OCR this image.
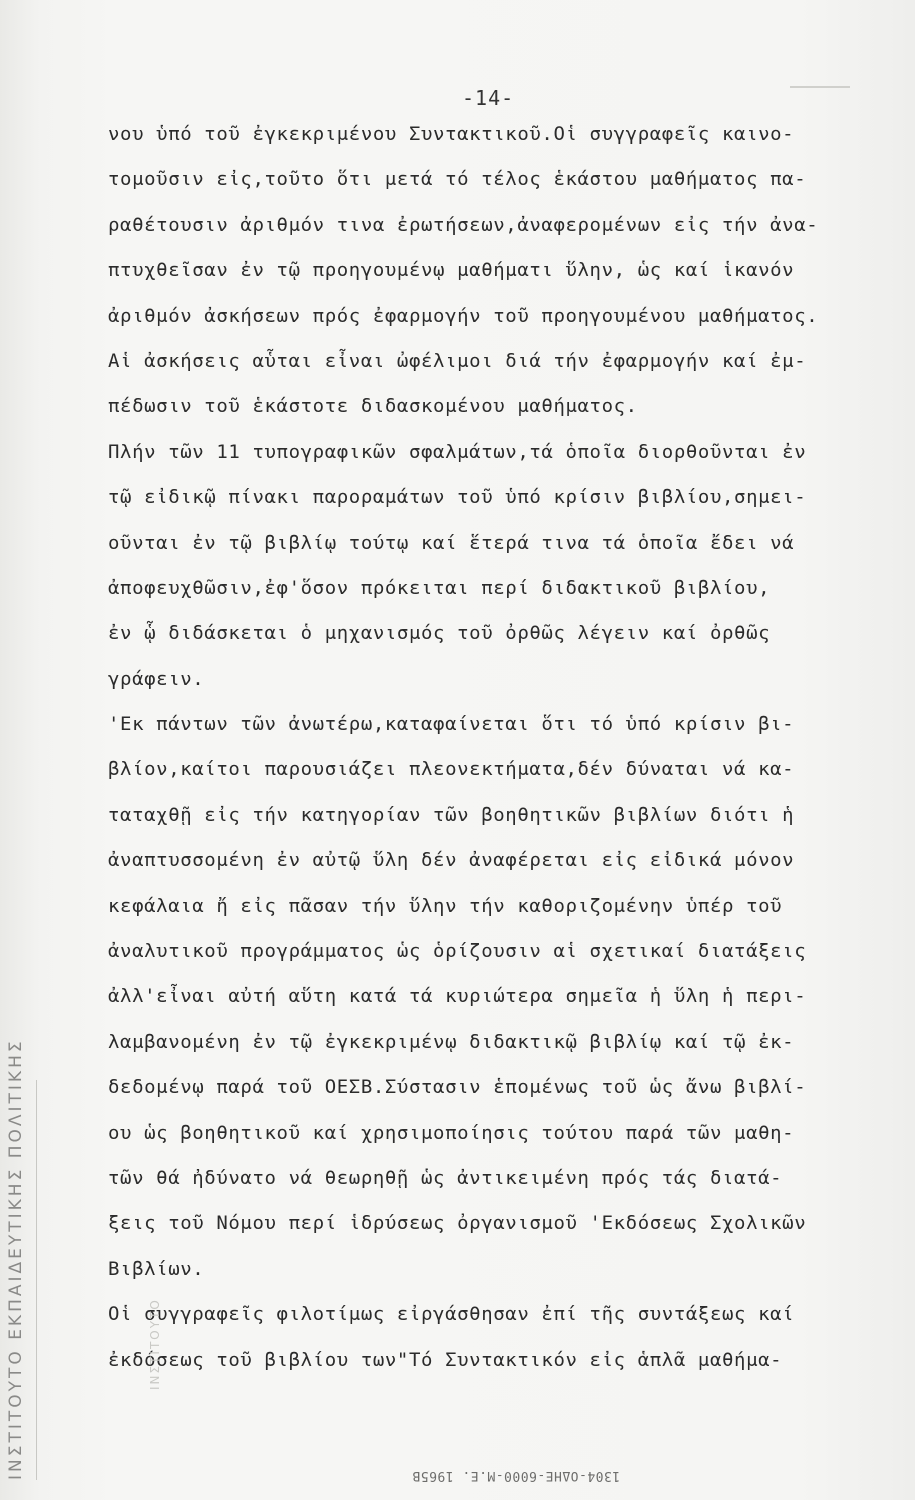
-14-
νου ὑπό τοῦ ἐγκεκριμένου Συντακτικοῦ.Οἱ συγγραφεῖς καινο-
τομοῦσιν εἰς,τοῦτο ὅτι μετά τό τέλος ἑκάστου μαθήματος πα-
ραθέτουσιν ἀριθμόν τινα ἐρωτήσεων,ἀναφερομένων εἰς τήν ἀνα-
πτυχθεῖσαν ἐν τῷ προηγουμένῳ μαθήματι ὕλην, ὡς καί ἱκανόν
ἀριθμόν ἀσκήσεων πρός ἐφαρμογήν τοῦ προηγουμένου μαθήματος.
Αἱ ἀσκήσεις αὗται εἶναι ὠφέλιμοι διά τήν ἐφαρμογήν καί ἐμ-
πέδωσιν τοῦ ἑκάστοτε διδασκομένου μαθήματος.
Πλήν τῶν 11 τυπογραφικῶν σφαλμάτων,τά ὁποῖα διορθοῦνται ἐν
τῷ εἰδικῷ πίνακι παροραμάτων τοῦ ὑπό κρίσιν βιβλίου,σημει-
οῦνται ἐν τῷ βιβλίῳ τούτῳ καί ἕτερά τινα τά ὁποῖα ἔδει νά
ἀποφευχθῶσιν,ἐφ'ὅσον πρόκειται περί διδακτικοῦ βιβλίου,
ἐν ᾧ διδάσκεται ὁ μηχανισμός τοῦ ὀρθῶς λέγειν καί ὀρθῶς
γράφειν.
'Εκ πάντων τῶν ἀνωτέρω,καταφαίνεται ὅτι τό ὑπό κρίσιν βι-
βλίον,καίτοι παρουσιάζει πλεονεκτήματα,δέν δύναται νά κα-
ταταχθῇ εἰς τήν κατηγορίαν τῶν βοηθητικῶν βιβλίων διότι ἡ
ἀναπτυσσομένη ἐν αὐτῷ ὕλη δέν ἀναφέρεται εἰς εἰδικά μόνον
κεφάλαια ἤ εἰς πᾶσαν τήν ὕλην τήν καθοριζομένην ὑπέρ τοῦ
ἀναλυτικοῦ προγράμματος ὡς ὁρίζουσιν αἱ σχετικαί διατάξεις
ἀλλ'εἶναι αὐτή αὕτη κατά τά κυριώτερα σημεῖα ἡ ὕλη ἡ περι-
λαμβανομένη ἐν τῷ ἐγκεκριμένῳ διδακτικῷ βιβλίῳ καί τῷ ἐκ-
δεδομένῳ παρά τοῦ ΟΕΣΒ.Σύστασιν ἑπομένως τοῦ ὡς ἄνω βιβλί-
ου ὡς βοηθητικοῦ καί χρησιμοποίησις τούτου παρά τῶν μαθη-
τῶν θά ἠδύνατο νά θεωρηθῇ ὡς ἀντικειμένη πρός τάς διατά-
ξεις τοῦ Νόμου περί ἱδρύσεως ὀργανισμοῦ 'Εκδόσεως Σχολικῶν
Βιβλίων.
Οἱ συγγραφεῖς φιλοτίμως εἰργάσθησαν ἐπί τῆς συντάξεως καί
ἐκδόσεως τοῦ βιβλίου των"Τό Συντακτικόν εἰς ἁπλᾶ μαθήμα-
ΙΝΣΤΙΤΟΥΤΟ ΕΚΠΑΙΔΕΥΤΙΚΗΣ ΠΟΛΙΤΙΚΗΣ	ΙΝΣΤΙΤΟΥΤΟ
1304-ΟΔΗΕ-6000-Μ.Ε. 1965Β
